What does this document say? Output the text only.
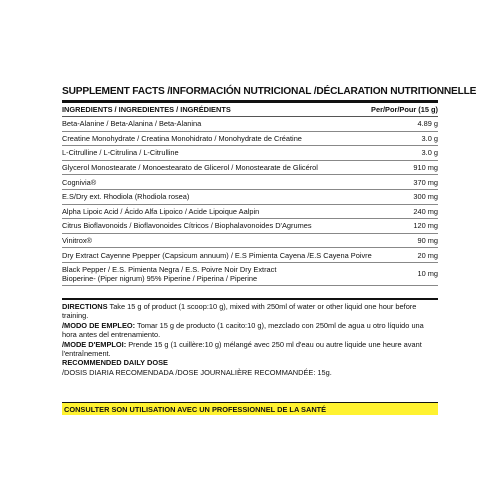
SUPPLEMENT FACTS /INFORMACIÓN NUTRICIONAL /DÉCLARATION NUTRITIONNELLE
INGREDIENTS / INGREDIENTES / INGRÉDIENTS	Per/Por/Pour (15 g)
Beta-Alanine / Beta-Alanina / Beta-Alanina	4.89 g
Creatine Monohydrate / Creatina Monohidrato / Monohydrate de Créatine	3.0 g
L-Citrulline / L-Citrulina / L-Citrulline	3.0 g
Glycerol Monostearate / Monoestearato de Glicerol / Monostearate de Glicérol	910 mg
Cognivia®	370 mg
E.S/Dry ext. Rhodiola (Rhodiola rosea)	300 mg
Alpha Lipoic Acid / Ácido Alfa Lipoico / Acide Lipoique Aalpin	240 mg
Citrus Bioflavonoids / Bioflavonoides Cítricos / Biophalavonoides D'Agrumes	120 mg
Vinitrox®	90 mg
Dry Extract Cayenne Ppepper (Capsicum annuum) / E.S Pimienta Cayena /E.S Cayena Poivre	20 mg
Black Pepper / E.S. Pimienta Negra / E.S. Poivre Noir Dry Extract
Bioperine- (Piper nigrum) 95% Piperine / Piperina / Piperine	10 mg

DIRECTIONS Take 15 g of product (1 scoop:10 g), mixed with 250ml of water or other liquid one hour before training.

/MODO DE EMPLEO: Tomar 15 g de producto (1 cacito:10 g), mezclado con 250ml de agua u otro líquido una hora antes del entrenamiento.

/MODE D'EMPLOI: Prende 15 g (1 cuillère:10 g) mélangé avec 250 ml d'eau ou autre liquide une heure avant l'entraînement.

RECOMMENDED DAILY DOSE

/DOSIS DIARIA RECOMENDADA /DOSE JOURNALIÈRE RECOMMANDÉE: 15g.

CONSULTER SON UTILISATION AVEC UN PROFESSIONNEL DE LA SANTÉ
